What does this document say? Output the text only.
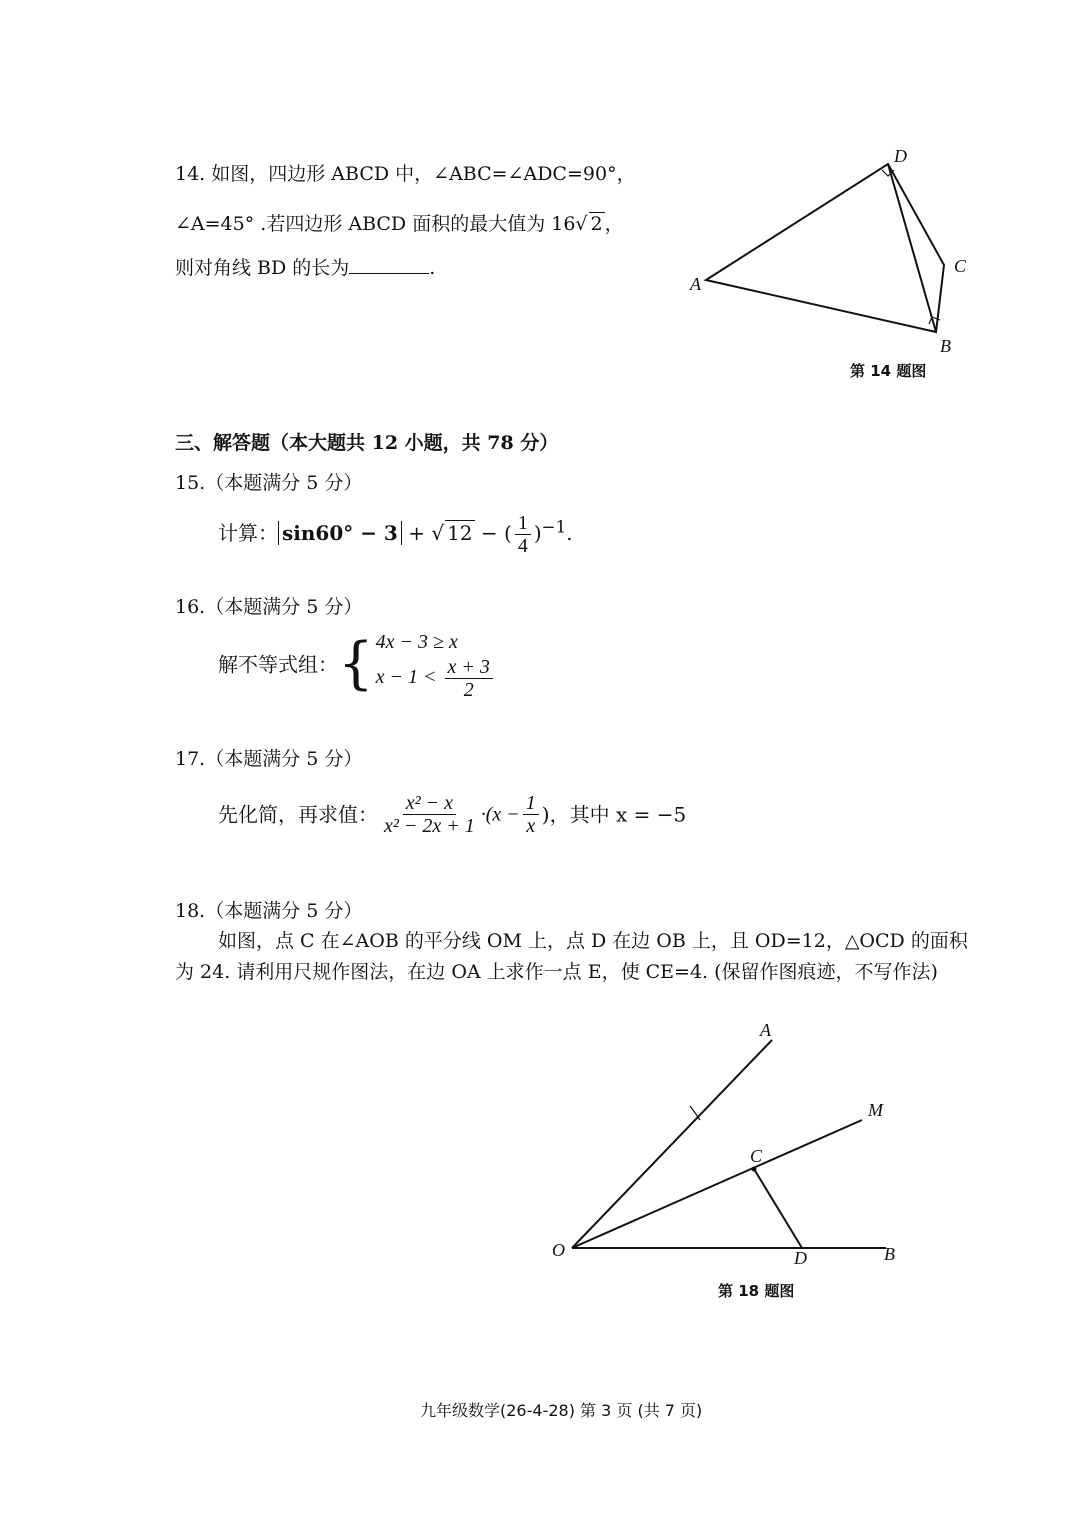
14. 如图，四边形 ABCD 中，∠ABC=∠ADC=90°，
∠A=45° .若四边形 ABCD 面积的最大值为 16√ 2 ，
则对角线 BD 的长为	.
A
D
C
B
第 14 题图
三、解答题（本大题共 12 小题，共 78 分）
15.（本题满分 5 分）
计算： sin60° − 3 + √ 12 − ( $\frac{1}{4} )^{-1}$.
16.（本题满分 5 分）
解不等式组：{ 4x − 3 ≥ x
$x - 1 < \frac{x + 3}{2}$
17.（本题满分 5 分）
先化简，再求值： $\frac{\text{x² − x}}{\text{x² − 2x + 1}} \cdot(x - \frac{1}{x}$ )，其中 x = −5
18.（本题满分 5 分）
如图，点 C 在∠AOB 的平分线 OM 上，点 D 在边 OB 上，且 OD=12，△OCD 的面积
为 24. 请利用尺规作图法，在边 OA 上求作一点 E，使 CE=4. (保留作图痕迹，不写作法)
A
M
C
O	D	B
第 18 题图
九年级数学(26-4-28) 第 3 页 (共 7 页)
